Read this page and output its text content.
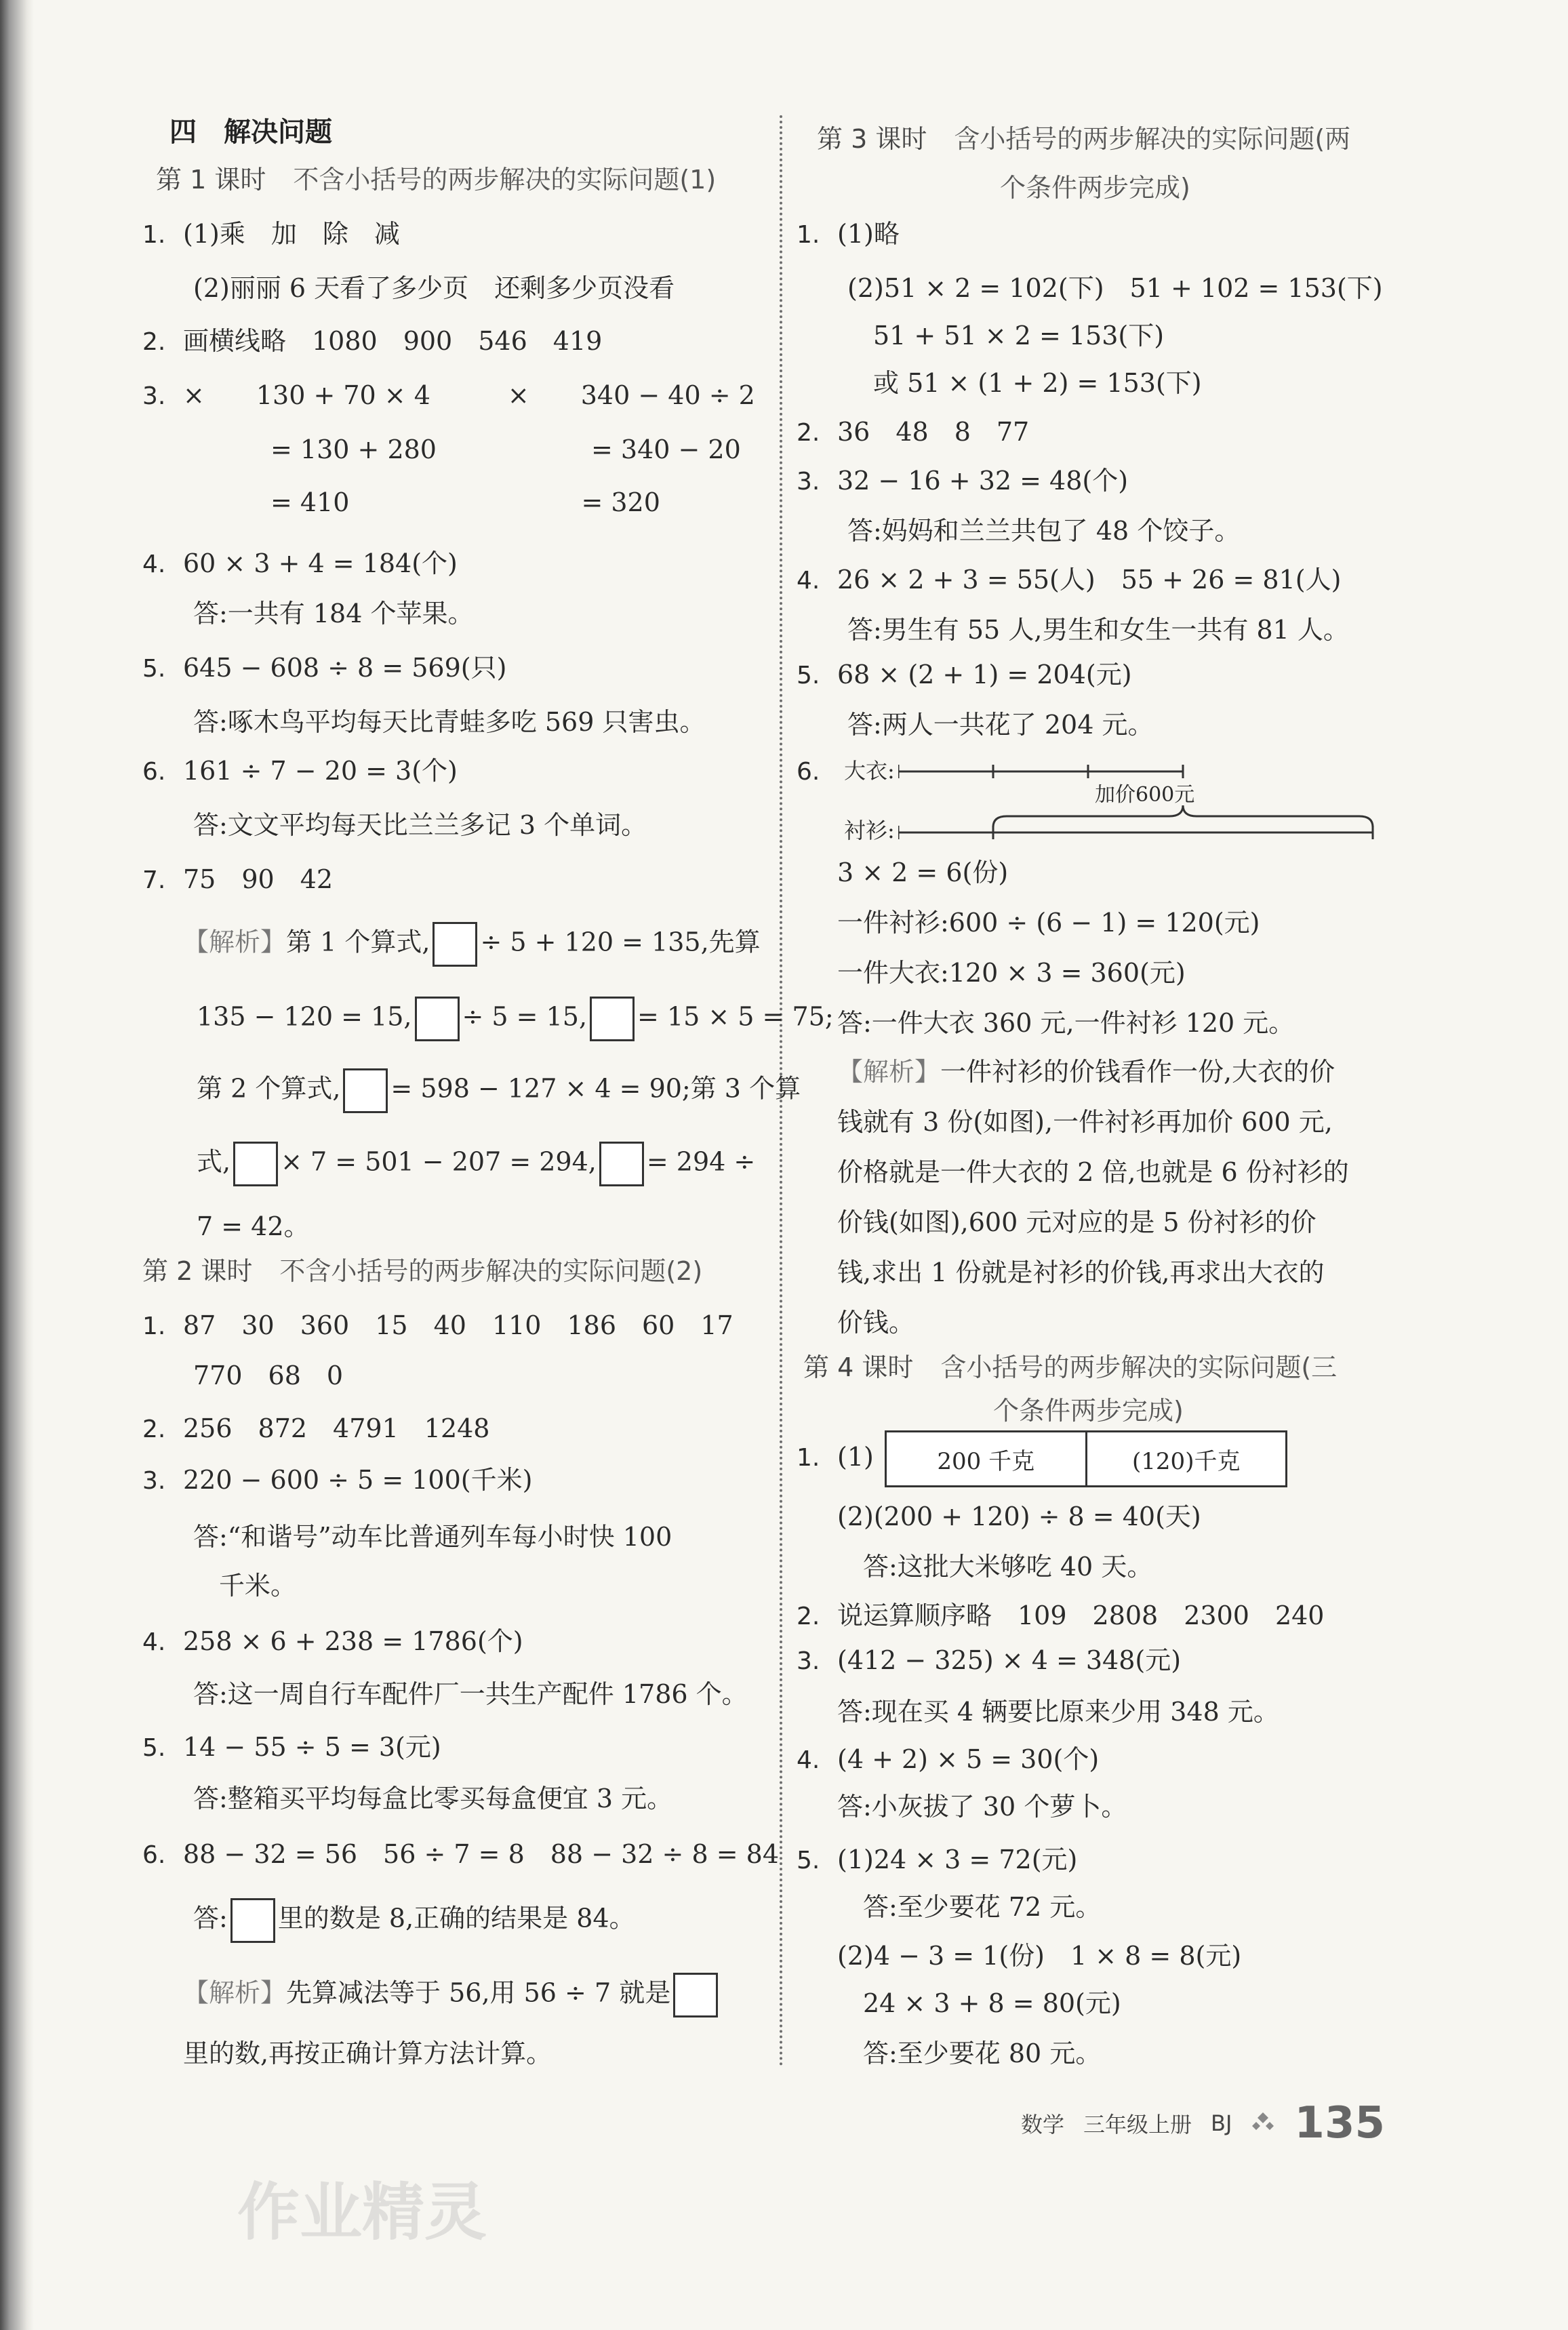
四　解决问题
第 1 课时 不含小括号的两步解决的实际问题(1)
1. (1)乘　加　除　减
(2)丽丽 6 天看了多少页　还剩多少页没看
2. 画横线略　1080　900　546　419
3. ×　　130 + 70 × 4　　　×　　340 − 40 ÷ 2
　　　= 130 + 280　　　　　　= 340 − 20
　　　= 410　　　　　　　　　= 320
4. 60 × 3 + 4 = 184(个)
答:一共有 184 个苹果。
5. 645 − 608 ÷ 8 = 569(只)
答:啄木鸟平均每天比青蛙多吃 569 只害虫。
6. 161 ÷ 7 − 20 = 3(个)
答:文文平均每天比兰兰多记 3 个单词。
7. 75　90　42
【解析】第 1 个算式, ÷ 5 + 120 = 135,先算
135 − 120 = 15, ÷ 5 = 15, = 15 × 5 = 75;
第 2 个算式, = 598 − 127 × 4 = 90;第 3 个算
式, × 7 = 501 − 207 = 294, = 294 ÷
7 = 42。
第 2 课时 不含小括号的两步解决的实际问题(2)
1. 87　30　360　15　40　110　186　60　17
770　68　0
2. 256　872　4791　1248
3. 220 − 600 ÷ 5 = 100(千米)
答:“和谐号”动车比普通列车每小时快 100
　千米。
4. 258 × 6 + 238 = 1786(个)
答:这一周自行车配件厂一共生产配件 1786 个。
5. 14 − 55 ÷ 5 = 3(元)
答:整箱买平均每盒比零买每盒便宜 3 元。
6. 88 − 32 = 56　56 ÷ 7 = 8　88 − 32 ÷ 8 = 84
答: 里的数是 8,正确的结果是 84。
【解析】先算减法等于 56,用 56 ÷ 7 就是
里的数,再按正确计算方法计算。
第 3 课时 含小括号的两步解决的实际问题(两
个条件两步完成)
1. (1)略
(2)51 × 2 = 102(下)　51 + 102 = 153(下)
　51 + 51 × 2 = 153(下)
　或 51 × (1 + 2) = 153(下)
2. 36　48　8　77
3. 32 − 16 + 32 = 48(个)
答:妈妈和兰兰共包了 48 个饺子。
4. 26 × 2 + 3 = 55(人)　55 + 26 = 81(人)
答:男生有 55 人,男生和女生一共有 81 人。
5. 68 × (2 + 1) = 204(元)
答:两人一共花了 204 元。
6.	大衣:
衬衫:
加价600元
3 × 2 = 6(份)
一件衬衫:600 ÷ (6 − 1) = 120(元)
一件大衣:120 × 3 = 360(元)
答:一件大衣 360 元,一件衬衫 120 元。
【解析】一件衬衫的价钱看作一份,大衣的价
钱就有 3 份(如图),一件衬衫再加价 600 元,
价格就是一件大衣的 2 倍,也就是 6 份衬衫的
价钱(如图),600 元对应的是 5 份衬衫的价
钱,求出 1 份就是衬衫的价钱,再求出大衣的
价钱。
第 4 课时 含小括号的两步解决的实际问题(三
个条件两步完成)
1. (1)	200 千克	(120)千克
(2)(200 + 120) ÷ 8 = 40(天)
　答:这批大米够吃 40 天。
2. 说运算顺序略　109　2808　2300　240
3. (412 − 325) × 4 = 348(元)
答:现在买 4 辆要比原来少用 348 元。
4. (4 + 2) × 5 = 30(个)
答:小灰拔了 30 个萝卜。
5. (1)24 × 3 = 72(元)
　答:至少要花 72 元。
(2)4 − 3 = 1(份)　1 × 8 = 8(元)
　24 × 3 + 8 = 80(元)
　答:至少要花 80 元。
数学 三年级上册 BJ 135
作业精灵
